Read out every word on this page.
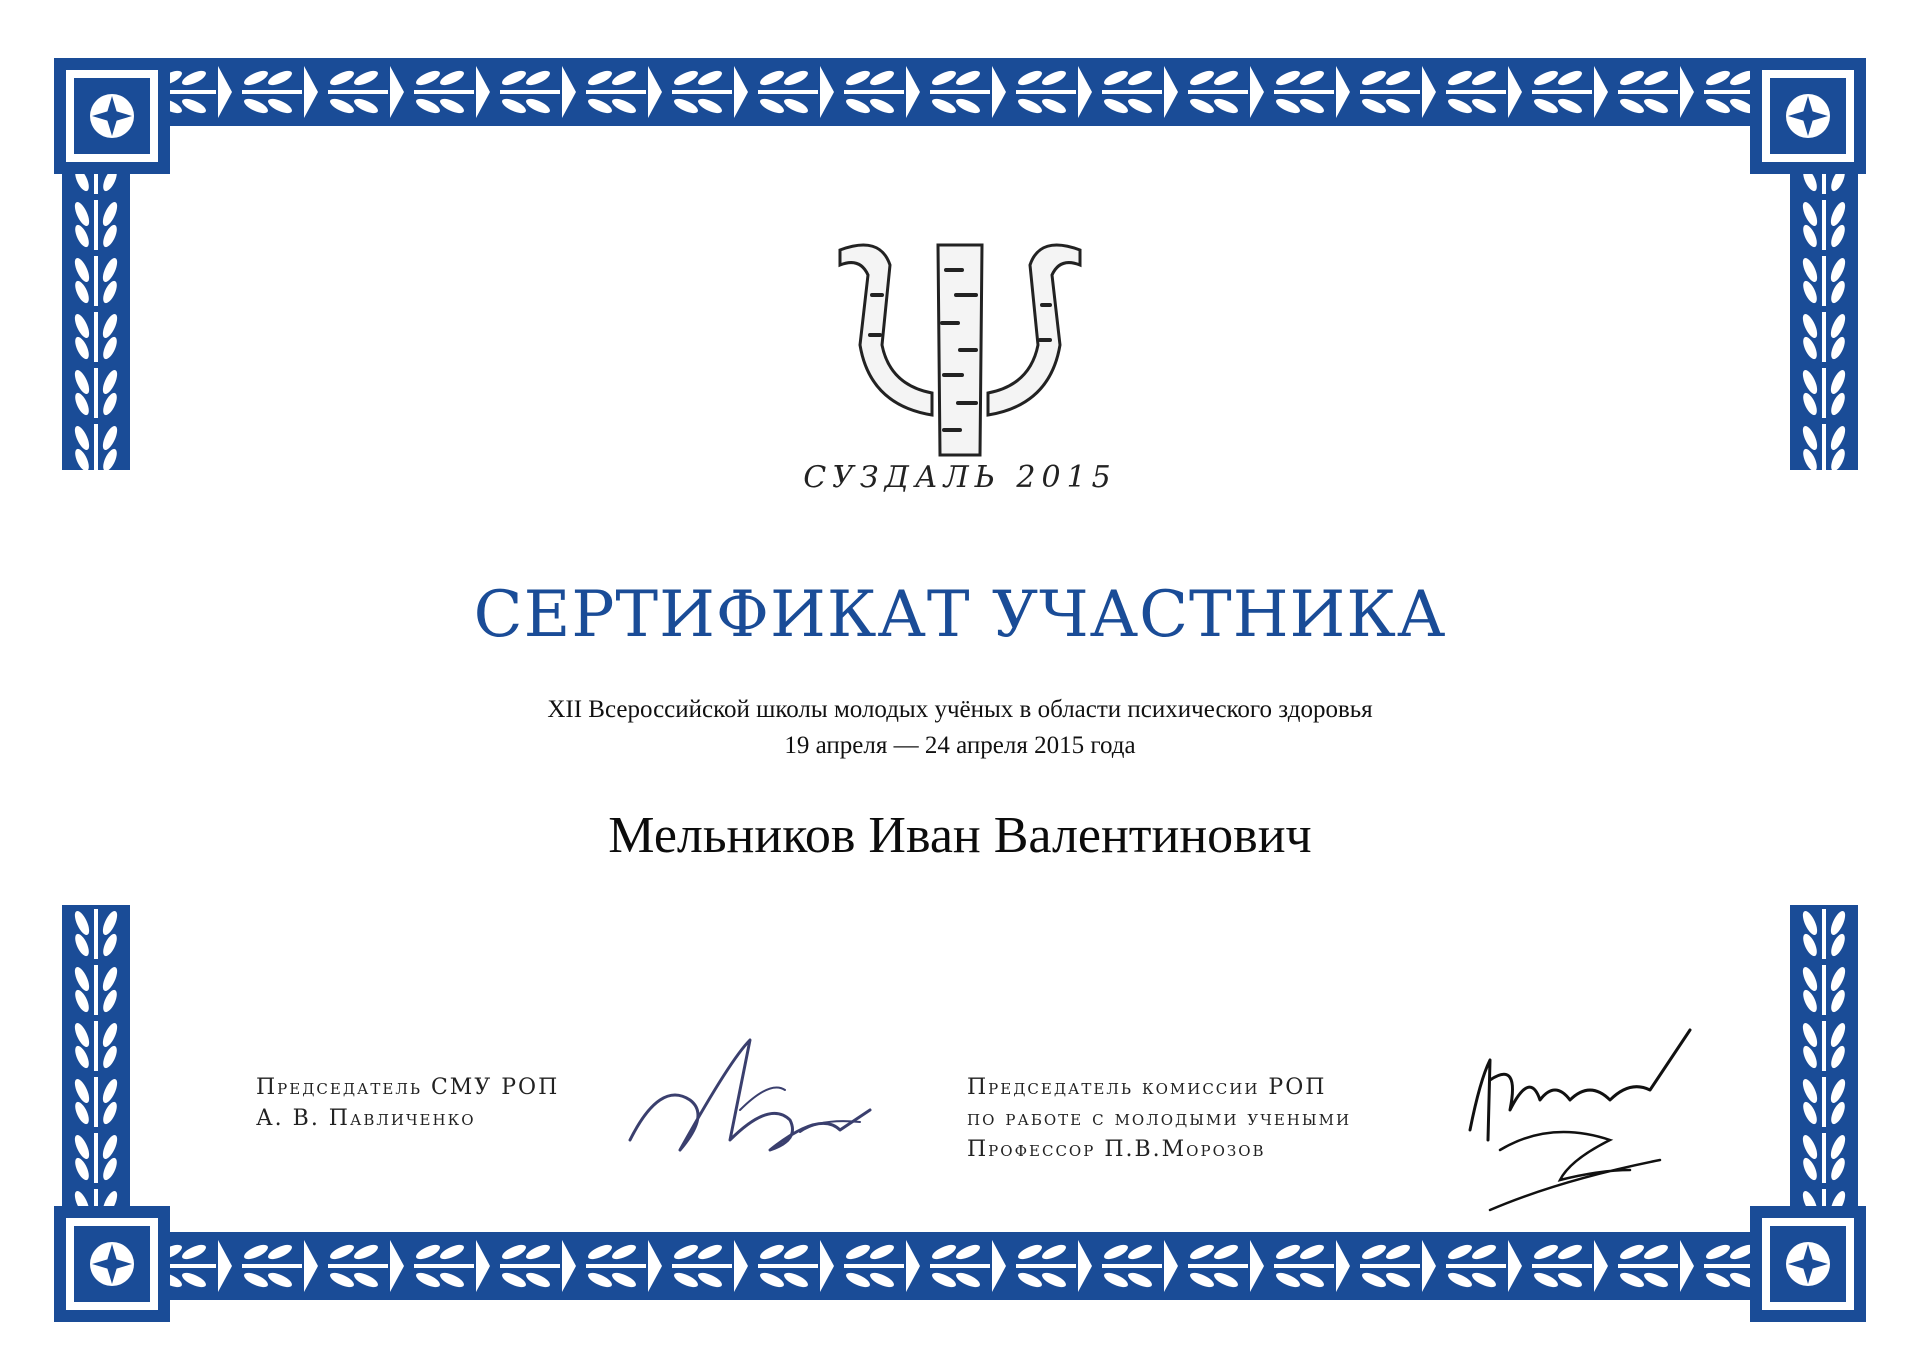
СУЗДАЛЬ 2015
СЕРТИФИКАТ УЧАСТНИКА
XII Всероссийской школы молодых учёных в области психического здоровья
19 апреля — 24 апреля 2015 года
Мельников Иван Валентинович
Председатель СМУ РОП
А. В. Павличенко
Председатель комиссии РОП
по работе с молодыми учеными
Профессор П.В.Морозов
